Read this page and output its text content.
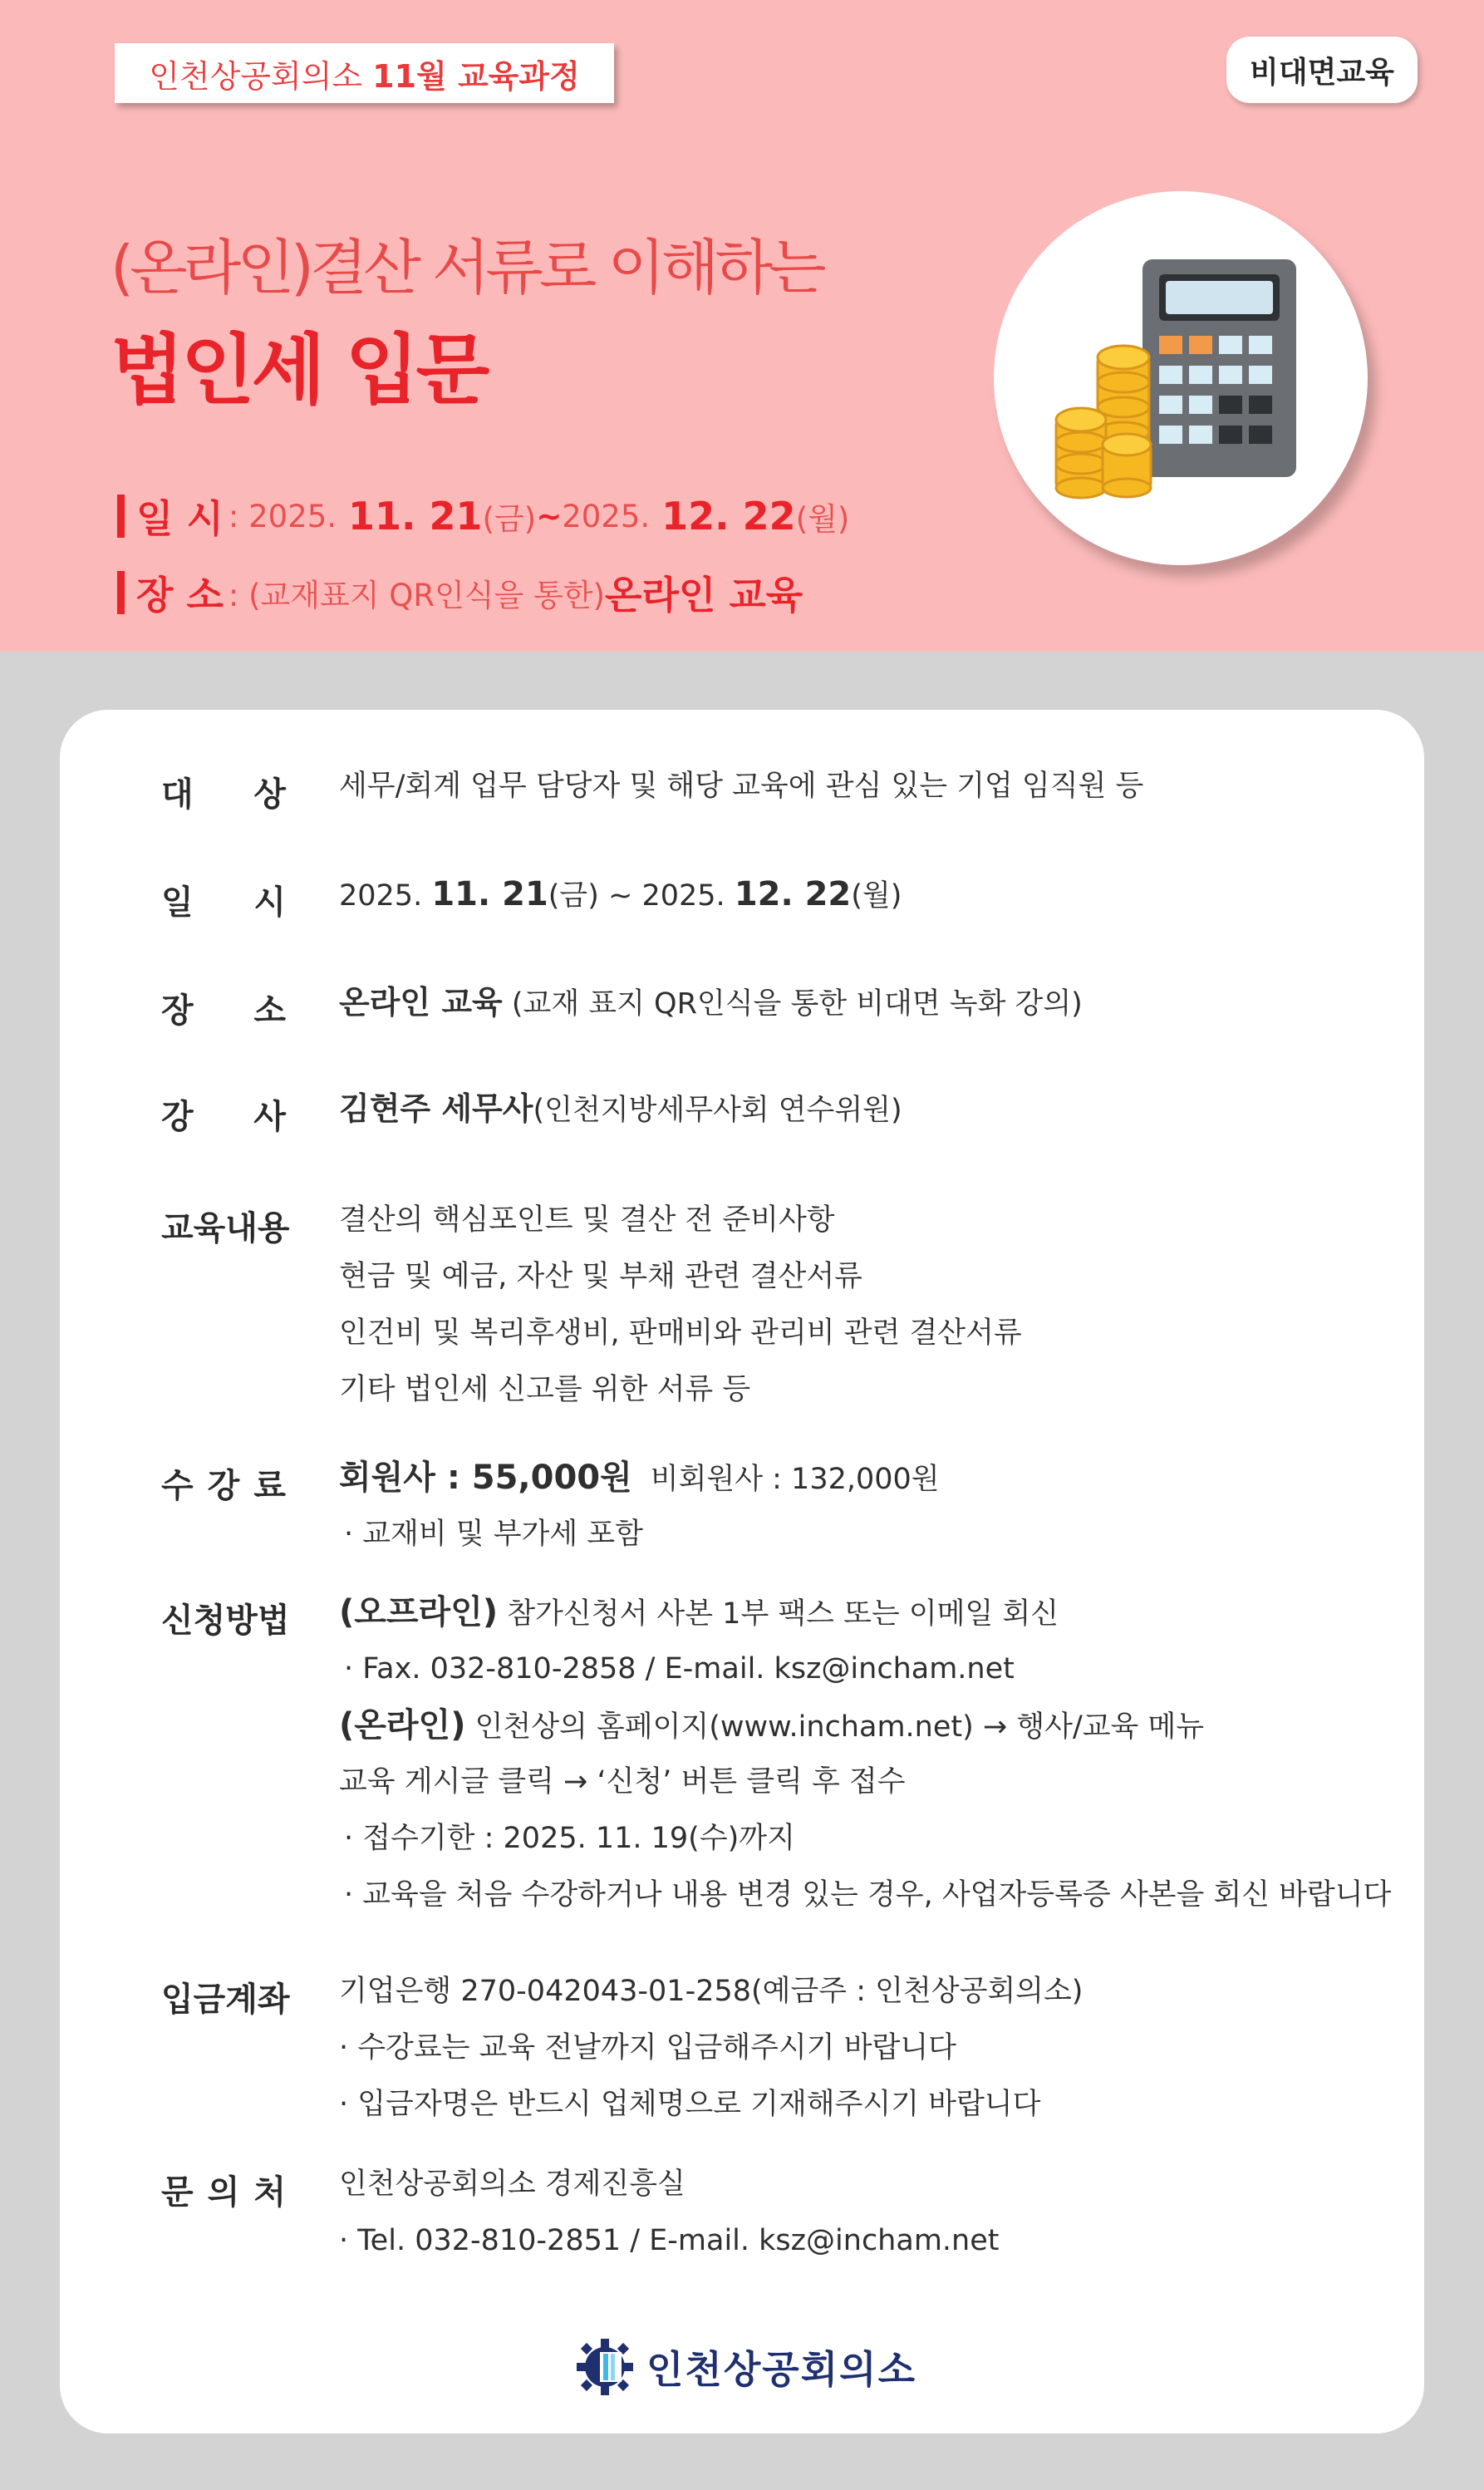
인천상공회의소 11월 교육과정	비대면교육
(온라인)결산 서류로 이해하는
법인세 입문
일 시 : 2025. 11. 21 (금) ~ 2025. 12. 22 (월)
장 소 : (교재표지 QR인식을 통한) 온라인 교육
대 상 세무/회계 업무 담당자 및 해당 교육에 관심 있는 기업 임직원 등
일 시 2025. 11. 21(금) ~ 2025. 12. 22(월)
장 소 온라인 교육 (교재 표지 QR인식을 통한 비대면 녹화 강의)
강 사 김현주 세무사(인천지방세무사회 연수위원)
교육내용 결산의 핵심포인트 및 결산 전 준비사항
현금 및 예금, 자산 및 부채 관련 결산서류
인건비 및 복리후생비, 판매비와 관리비 관련 결산서류
기타 법인세 신고를 위한 서류 등
수 강 료 회원사 : 55,000원 비회원사 : 132,000원
· 교재비 및 부가세 포함
신청방법 (오프라인) 참가신청서 사본 1부 팩스 또는 이메일 회신
· Fax. 032-810-2858 / E-mail. ksz@incham.net
(온라인) 인천상의 홈페이지(www.incham.net) → 행사/교육 메뉴
교육 게시글 클릭 → ‘신청’ 버튼 클릭 후 접수
· 접수기한 : 2025. 11. 19(수)까지
· 교육을 처음 수강하거나 내용 변경 있는 경우, 사업자등록증 사본을 회신 바랍니다
입금계좌 기업은행 270-042043-01-258(예금주 : 인천상공회의소)
· 수강료는 교육 전날까지 입금해주시기 바랍니다
· 입금자명은 반드시 업체명으로 기재해주시기 바랍니다
문 의 처 인천상공회의소 경제진흥실
· Tel. 032-810-2851 / E-mail. ksz@incham.net
인천상공회의소
